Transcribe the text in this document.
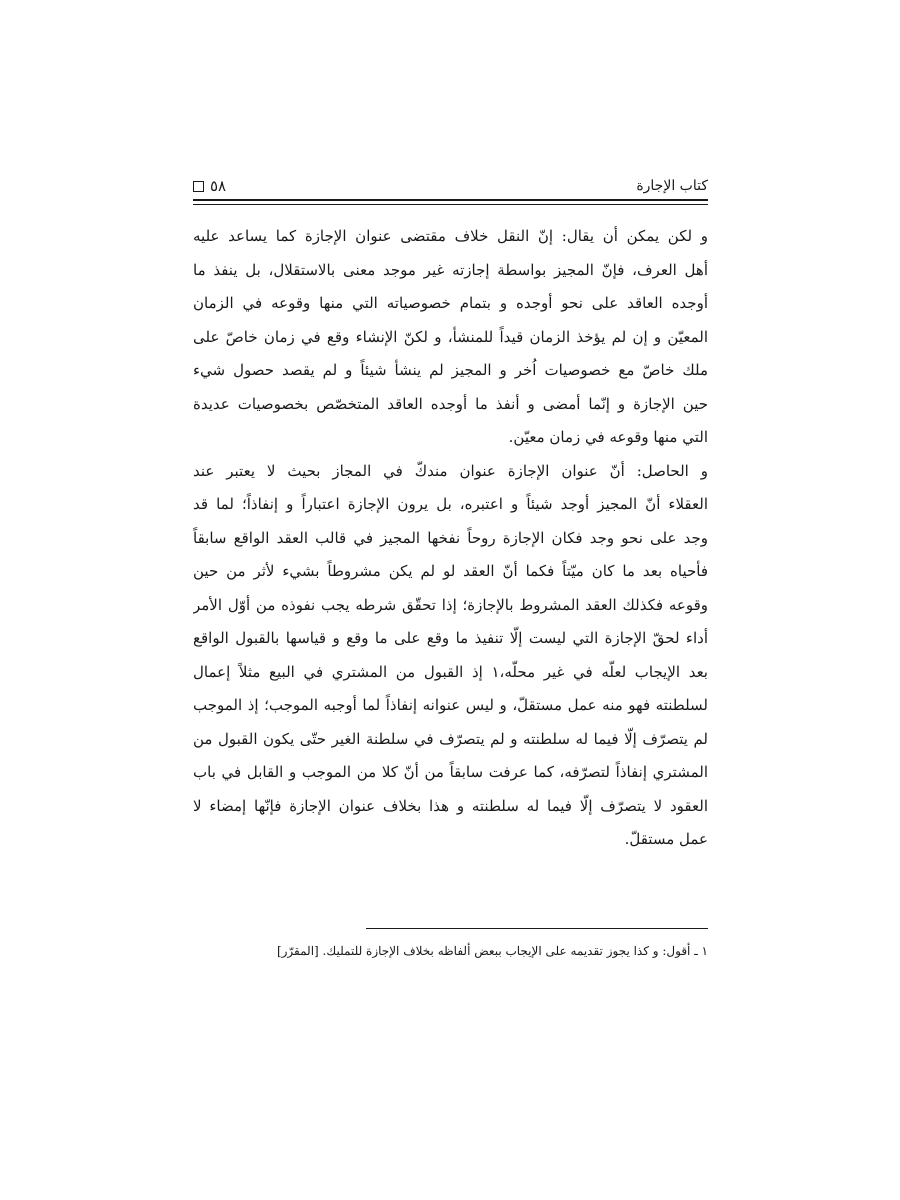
كتاب الإجارة
٥٨
و لكن يمكن أن يقال: إنّ النقل خلاف مقتضى عنوان الإجازة كما يساعد عليه
أهل العرف، فإنّ المجيز بواسطة إجازته غير موجد معنى بالاستقلال، بل ينفذ ما
أوجده العاقد على نحو أوجده و بتمام خصوصياته التي منها وقوعه في الزمان
المعيّن و إن لم يؤخذ الزمان قيداً للمنشأ، و لكنّ الإنشاء وقع في زمان خاصّ على
ملك خاصّ مع خصوصيات اُخر و المجيز لم ينشأ شيئاً و لم يقصد حصول شيء
حين الإجازة و إنّما أمضى و أنفذ ما أوجده العاقد المتخصّص بخصوصيات عديدة
التي منها وقوعه في زمان معيّن.
و الحاصل: أنّ عنوان الإجازة عنوان مندكّ في المجاز بحيث لا يعتبر عند
العقلاء أنّ المجيز أوجد شيئاً و اعتبره، بل يرون الإجازة اعتباراً و إنفاذاً؛ لما قد
وجد على نحو وجد فكان الإجازة روحاً نفخها المجيز في قالب العقد الواقع سابقاً
فأحياه بعد ما كان ميّتاً فكما أنّ العقد لو لم يكن مشروطاً بشيء لأثر من حين
وقوعه فكذلك العقد المشروط بالإجازة؛ إذا تحقّق شرطه يجب نفوذه من أوّل الأمر
أداء لحقّ الإجازة التي ليست إلّا تنفيذ ما وقع على ما وقع و قياسها بالقبول الواقع
بعد الإيجاب لعلّه في غير محلّه،١ إذ القبول من المشتري في البيع مثلاً إعمال
لسلطنته فهو منه عمل مستقلّ، و ليس عنوانه إنفاذاً لما أوجبه الموجب؛ إذ الموجب
لم يتصرّف إلّا فيما له سلطنته و لم يتصرّف في سلطنة الغير حتّى يكون القبول من
المشتري إنفاذاً لتصرّفه، كما عرفت سابقاً من أنّ كلا من الموجب و القابل في باب
العقود لا يتصرّف إلّا فيما له سلطنته و هذا بخلاف عنوان الإجازة فإنّها إمضاء لا
عمل مستقلّ.
١ ـ أقول: و كذا يجوز تقديمه على الإيجاب ببعض ألفاظه بخلاف الإجازة للتمليك. [المقرّر]
